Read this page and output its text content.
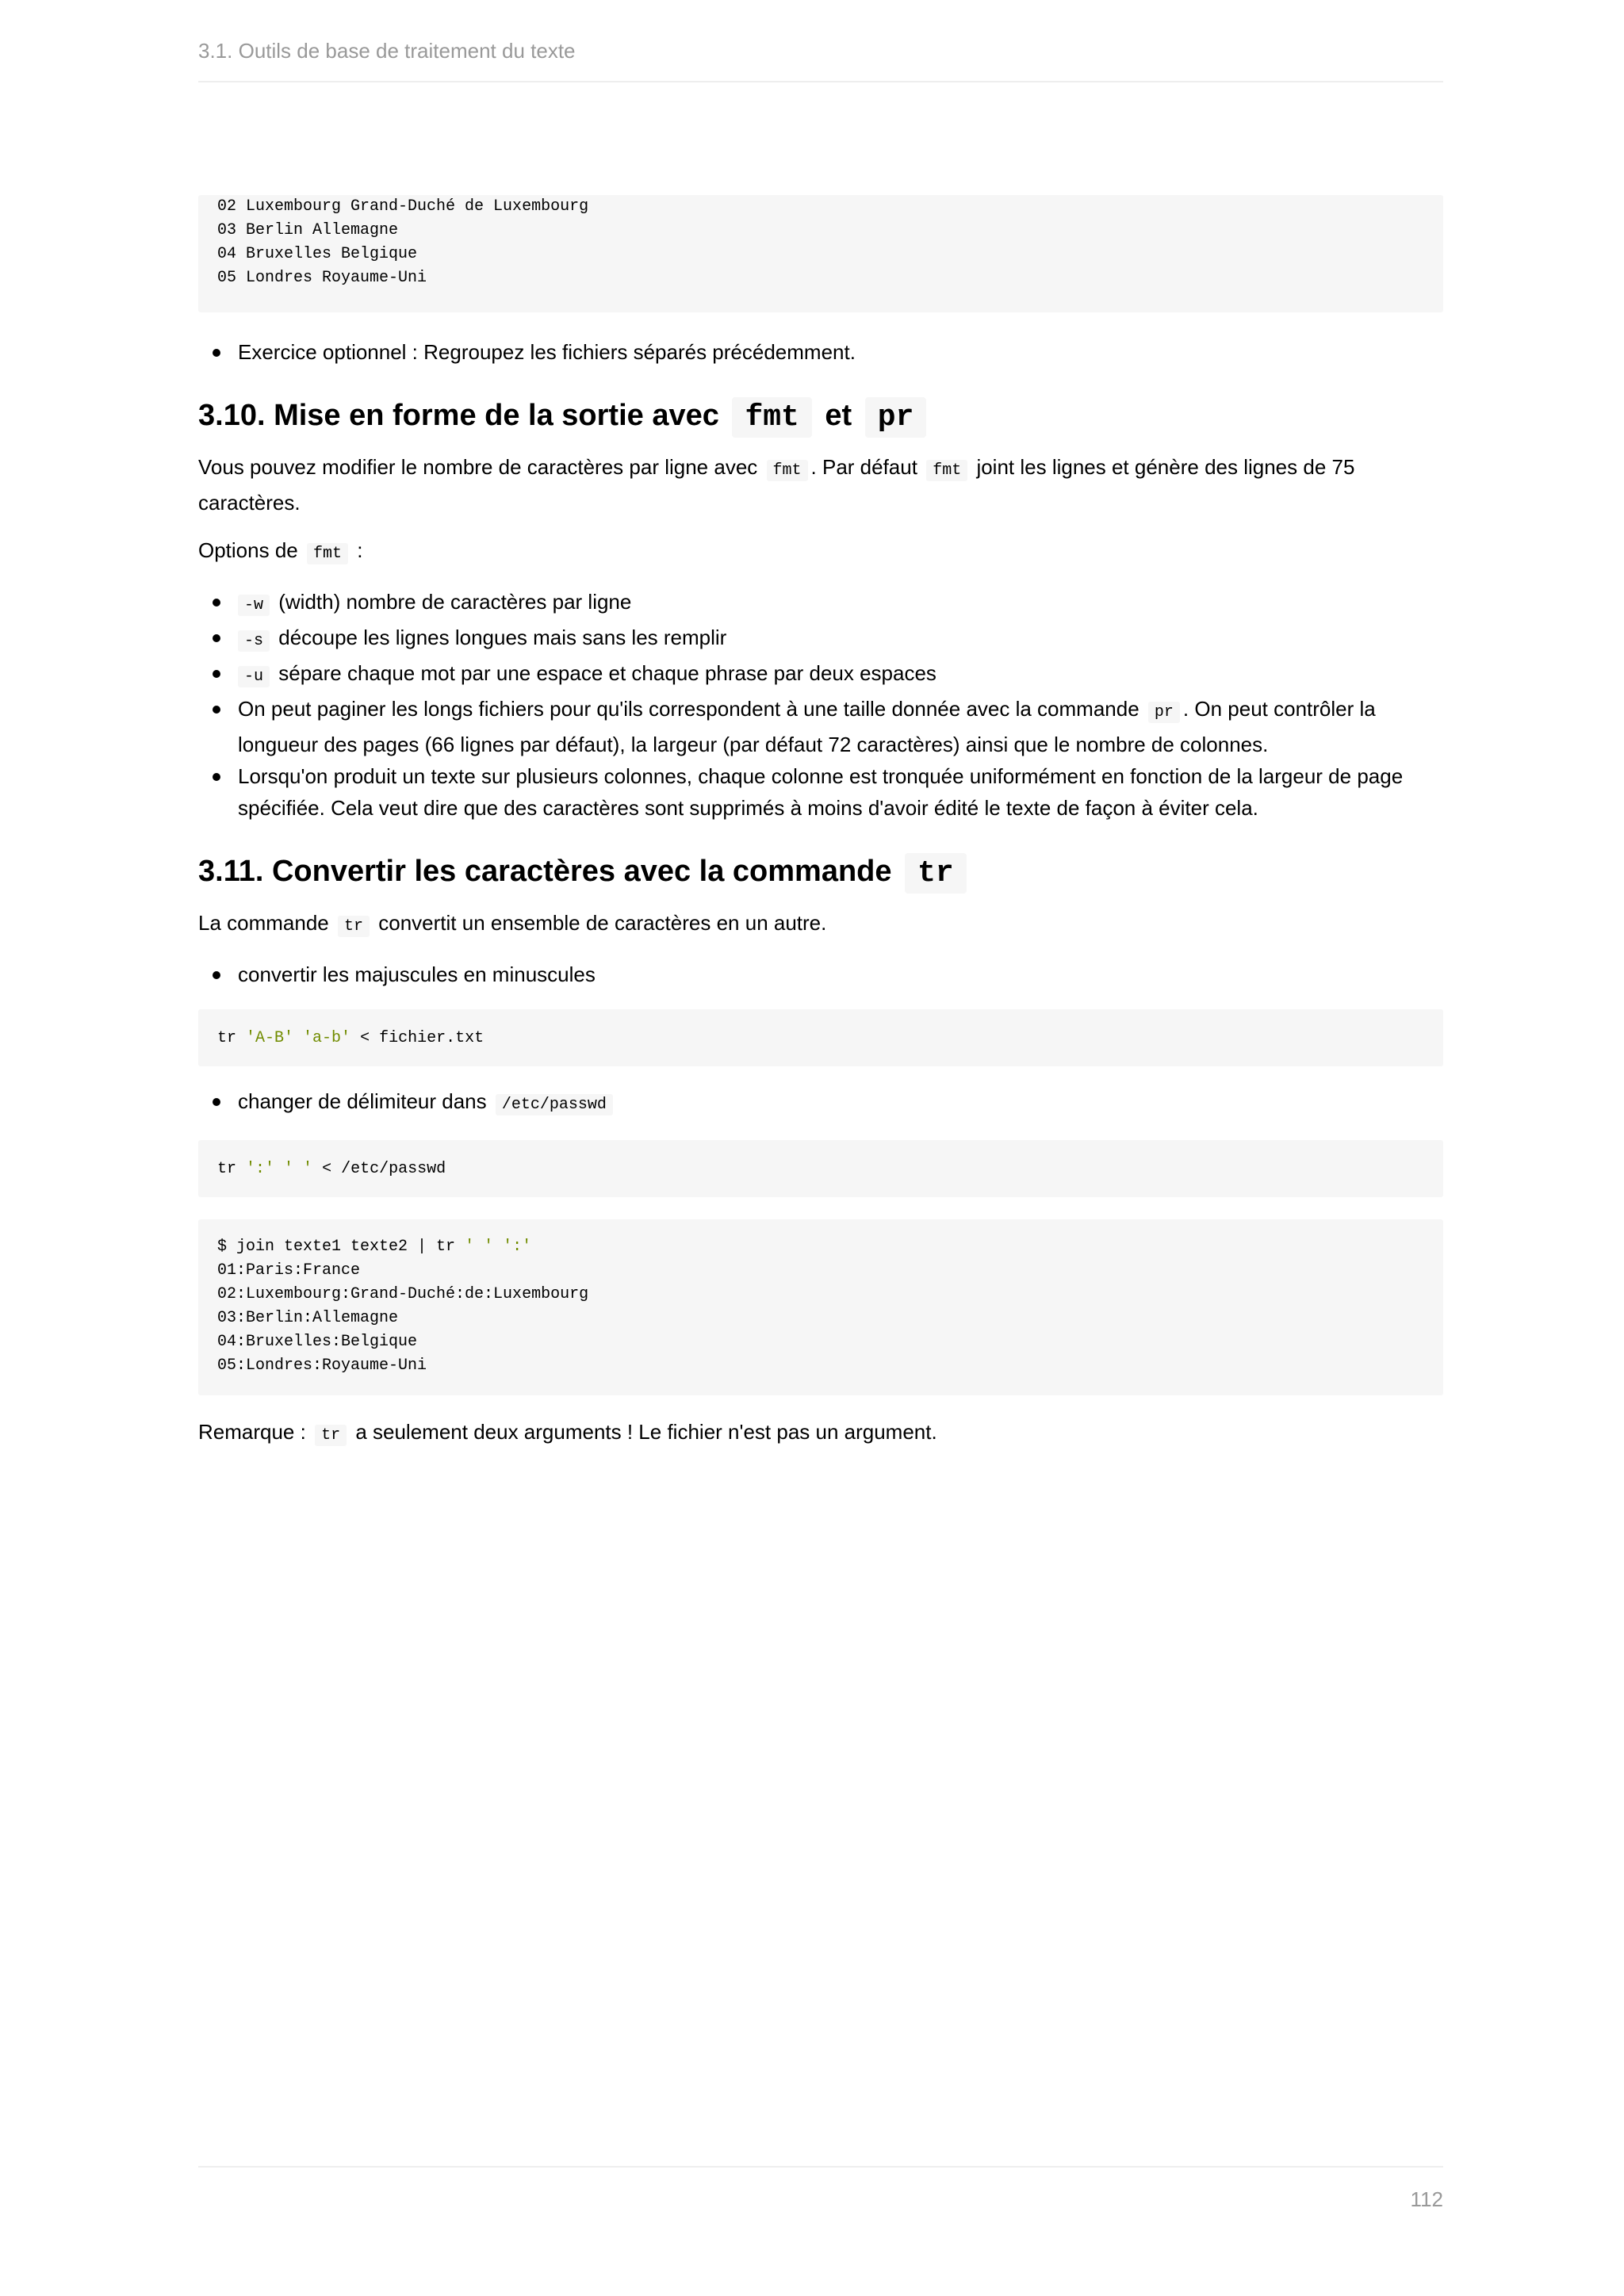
3.1. Outils de base de traitement du texte
02 Luxembourg Grand-Duché de Luxembourg
03 Berlin Allemagne
04 Bruxelles Belgique
05 Londres Royaume-Uni
Exercice optionnel : Regroupez les fichiers séparés précédemment.
3.10. Mise en forme de la sortie avec fmt et pr

Vous pouvez modifier le nombre de caractères par ligne avec fmt . Par défaut fmt joint les lignes et génère des lignes de 75 caractères.

Options de fmt :

-w (width) nombre de caractères par ligne
-s découpe les lignes longues mais sans les remplir
-u sépare chaque mot par une espace et chaque phrase par deux espaces
On peut paginer les longs fichiers pour qu'ils correspondent à une taille donnée avec la commande pr . On peut contrôler la longueur des pages (66 lignes par défaut), la largeur (par défaut 72 caractères) ainsi que le nombre de colonnes.
Lorsqu'on produit un texte sur plusieurs colonnes, chaque colonne est tronquée uniformément en fonction de la largeur de page spécifiée. Cela veut dire que des caractères sont supprimés à moins d'avoir édité le texte de façon à éviter cela.
3.11. Convertir les caractères avec la commande tr

La commande tr convertit un ensemble de caractères en un autre.

convertir les majuscules en minuscules
tr 'A-B' 'a-b' < fichier.txt
changer de délimiteur dans /etc/passwd
tr ':' ' ' < /etc/passwd
$ join texte1 texte2 | tr ' ' ':'
01:Paris:France
02:Luxembourg:Grand-Duché:de:Luxembourg
03:Berlin:Allemagne
04:Bruxelles:Belgique
05:Londres:Royaume-Uni

Remarque : tr a seulement deux arguments ! Le fichier n'est pas un argument.

112
